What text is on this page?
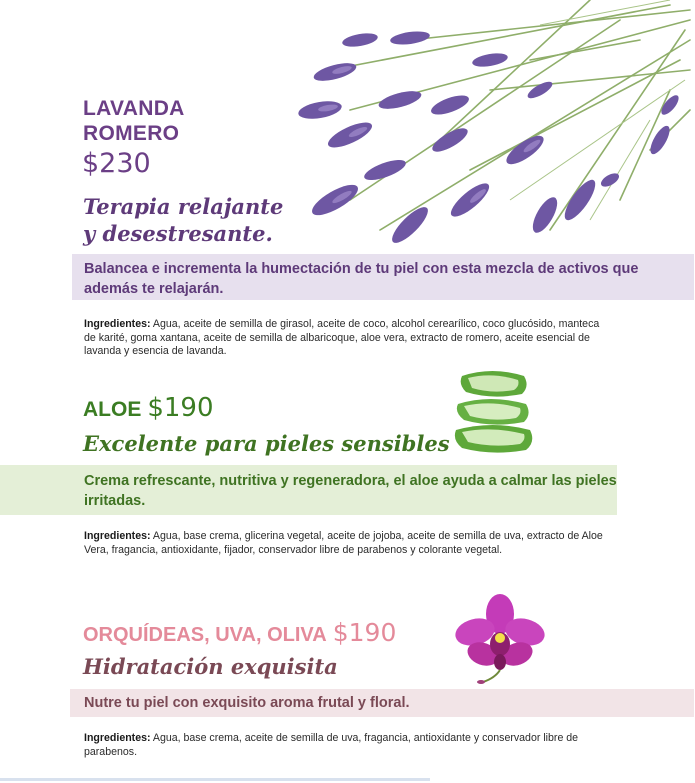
LAVANDA
ROMERO
$230
Terapia relajante
y desestresante.
Balancea e incrementa la humectación de tu piel con esta mezcla de activos que además te relajarán.
Ingredientes: Agua, aceite de semilla de girasol, aceite de coco, alcohol cerearílico, coco glucósido, manteca de karité, goma xantana, aceite de semilla de albaricoque, aloe vera, extracto de romero, aceite esencial de lavanda y esencia de lavanda.
ALOE $190
Excelente para pieles sensibles
Crema refrescante, nutritiva y regeneradora, el aloe ayuda a calmar las pieles irritadas.
Ingredientes: Agua, base crema, glicerina vegetal, aceite de jojoba, aceite de semilla de uva, extracto de Aloe Vera, fragancia, antioxidante, fijador, conservador libre de parabenos y colorante vegetal.
ORQUÍDEAS, UVA, OLIVA $190
Hidratación exquisita
Nutre tu piel con exquisito aroma frutal y floral.
Ingredientes: Agua, base crema, aceite de semilla de uva, fragancia, antioxidante y conservador libre de parabenos.
